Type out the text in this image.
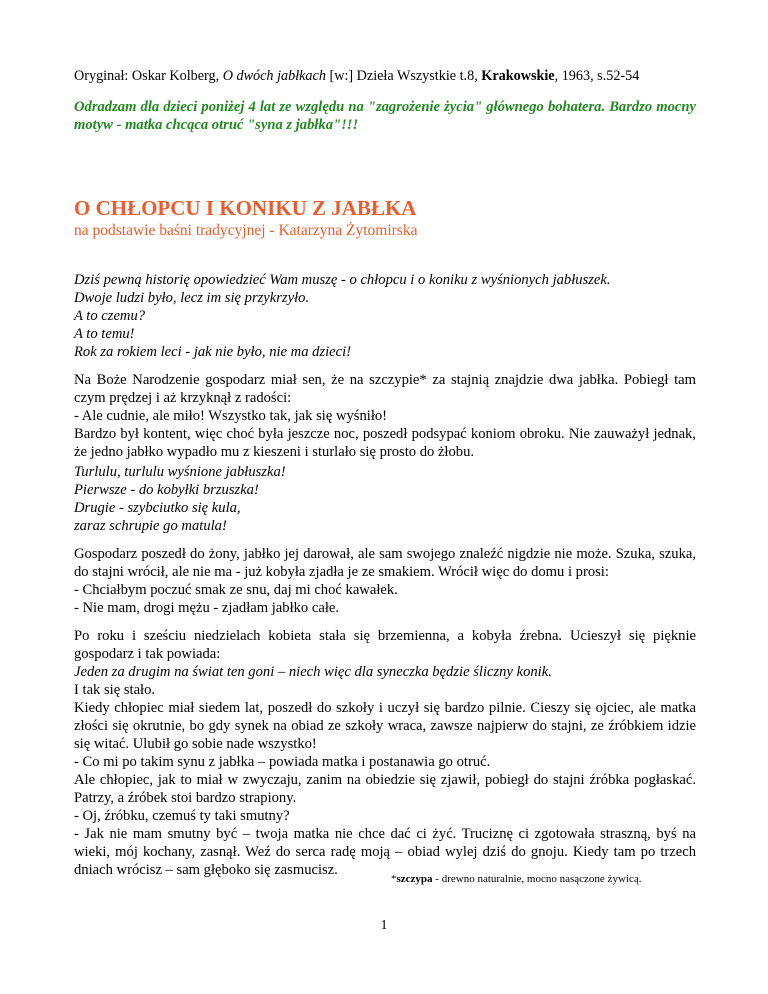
Oryginał: Oskar Kolberg, O dwóch jabłkach [w:] Dzieła Wszystkie t.8, Krakowskie, 1963, s.52-54

Odradzam dla dzieci poniżej 4 lat ze względu na "zagrożenie życia" głównego bohatera. Bardzo mocny motyw - matka chcąca otruć "syna z jabłka"!!!

O CHŁOPCU I KONIKU Z JABŁKA
na podstawie baśni tradycyjnej - Katarzyna Żytomirska
Dziś pewną historię opowiedzieć Wam muszę - o chłopcu i o koniku z wyśnionych jabłuszek.
Dwoje ludzi było, lecz im się przykrzyło.
A to czemu?
A to temu!
Rok za rokiem leci - jak nie było, nie ma dzieci!

Na Boże Narodzenie gospodarz miał sen, że na szczypie* za stajnią znajdzie dwa jabłka. Pobiegł tam czym prędzej i aż krzyknął z radości:

- Ale cudnie, ale miło! Wszystko tak, jak się wyśniło!

Bardzo był kontent, więc choć była jeszcze noc, poszedł podsypać koniom obroku. Nie zauważył jednak, że jedno jabłko wypadło mu z kieszeni i sturlało się prosto do żłobu.

Turlulu, turlulu wyśnione jabłuszka!
Pierwsze - do kobyłki brzuszka!
Drugie - szybciutko się kula,
zaraz schrupie go matula!

Gospodarz poszedł do żony, jabłko jej darował, ale sam swojego znaleźć nigdzie nie może. Szuka, szuka, do stajni wrócił, ale nie ma - już kobyła zjadła je ze smakiem. Wrócił więc do domu i prosi:

- Chciałbym poczuć smak ze snu, daj mi choć kawałek.

- Nie mam, drogi mężu - zjadłam jabłko całe.

Po roku i sześciu niedzielach kobieta stała się brzemienna, a kobyła źrebna. Ucieszył się pięknie gospodarz i tak powiada:

Jeden za drugim na świat ten goni – niech więc dla syneczka będzie śliczny konik.

I tak się stało.

Kiedy chłopiec miał siedem lat, poszedł do szkoły i uczył się bardzo pilnie. Cieszy się ojciec, ale matka złości się okrutnie, bo gdy synek na obiad ze szkoły wraca, zawsze najpierw do stajni, ze źróbkiem idzie się witać. Ulubił go sobie nade wszystko!

- Co mi po takim synu z jabłka – powiada matka i postanawia go otruć.

Ale chłopiec, jak to miał w zwyczaju, zanim na obiedzie się zjawił, pobiegł do stajni źróbka pogłaskać. Patrzy, a źróbek stoi bardzo strapiony.

- Oj, źróbku, czemuś ty taki smutny?

- Jak nie mam smutny być – twoja matka nie chce dać ci żyć. Truciznę ci zgotowała straszną, byś na wieki, mój kochany, zasnął. Weź do serca radę moją – obiad wylej dziś do gnoju. Kiedy tam po trzech dniach wrócisz – sam głęboko się zasmucisz.

*szczypa - drewno naturalnie, mocno nasączone żywicą.
1
